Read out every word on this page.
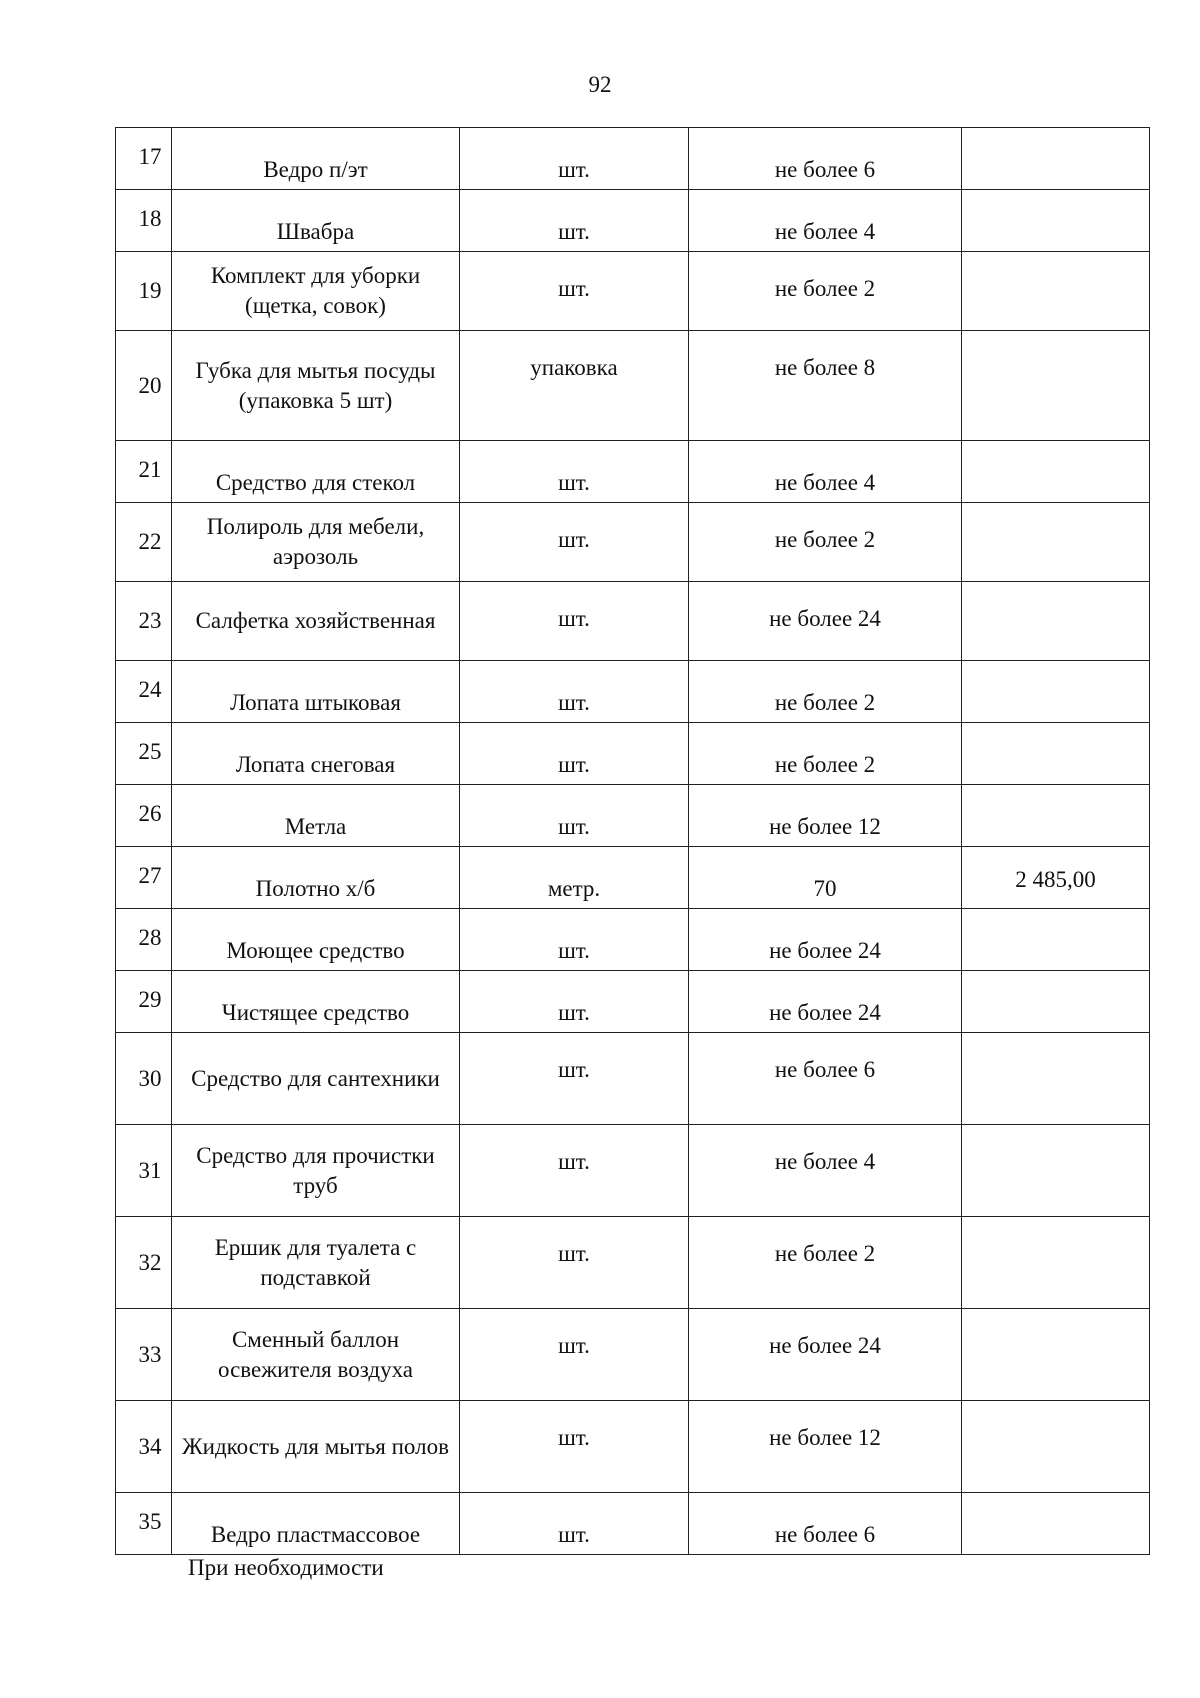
92
17	Ведро п/эт	шт.	не более 6	
18	Швабра	шт.	не более 4	
19	Комплект для уборки (щетка, совок)	шт.	не более 2	
20	Губка для мытья посуды (упаковка 5 шт)	упаковка	не более 8	
21	Средство для стекол	шт.	не более 4	
22	Полироль для мебели, аэрозоль	шт.	не более 2	
23	Салфетка хозяйственная	шт.	не более 24	
24	Лопата штыковая	шт.	не более 2	
25	Лопата снеговая	шт.	не более 2	
26	Метла	шт.	не более 12	
27	Полотно х/б	метр.	70	2 485,00
28	Моющее средство	шт.	не более 24	
29	Чистящее средство	шт.	не более 24	
30	Средство для сантехники	шт.	не более 6	
31	Средство для прочистки труб	шт.	не более 4	
32	Ершик для туалета с подставкой	шт.	не более 2	
33	Сменный баллон освежителя воздуха	шт.	не более 24	
34	Жидкость для мытья полов	шт.	не более 12	
35	Ведро пластмассовое	шт.	не более 6	
При необходимости
